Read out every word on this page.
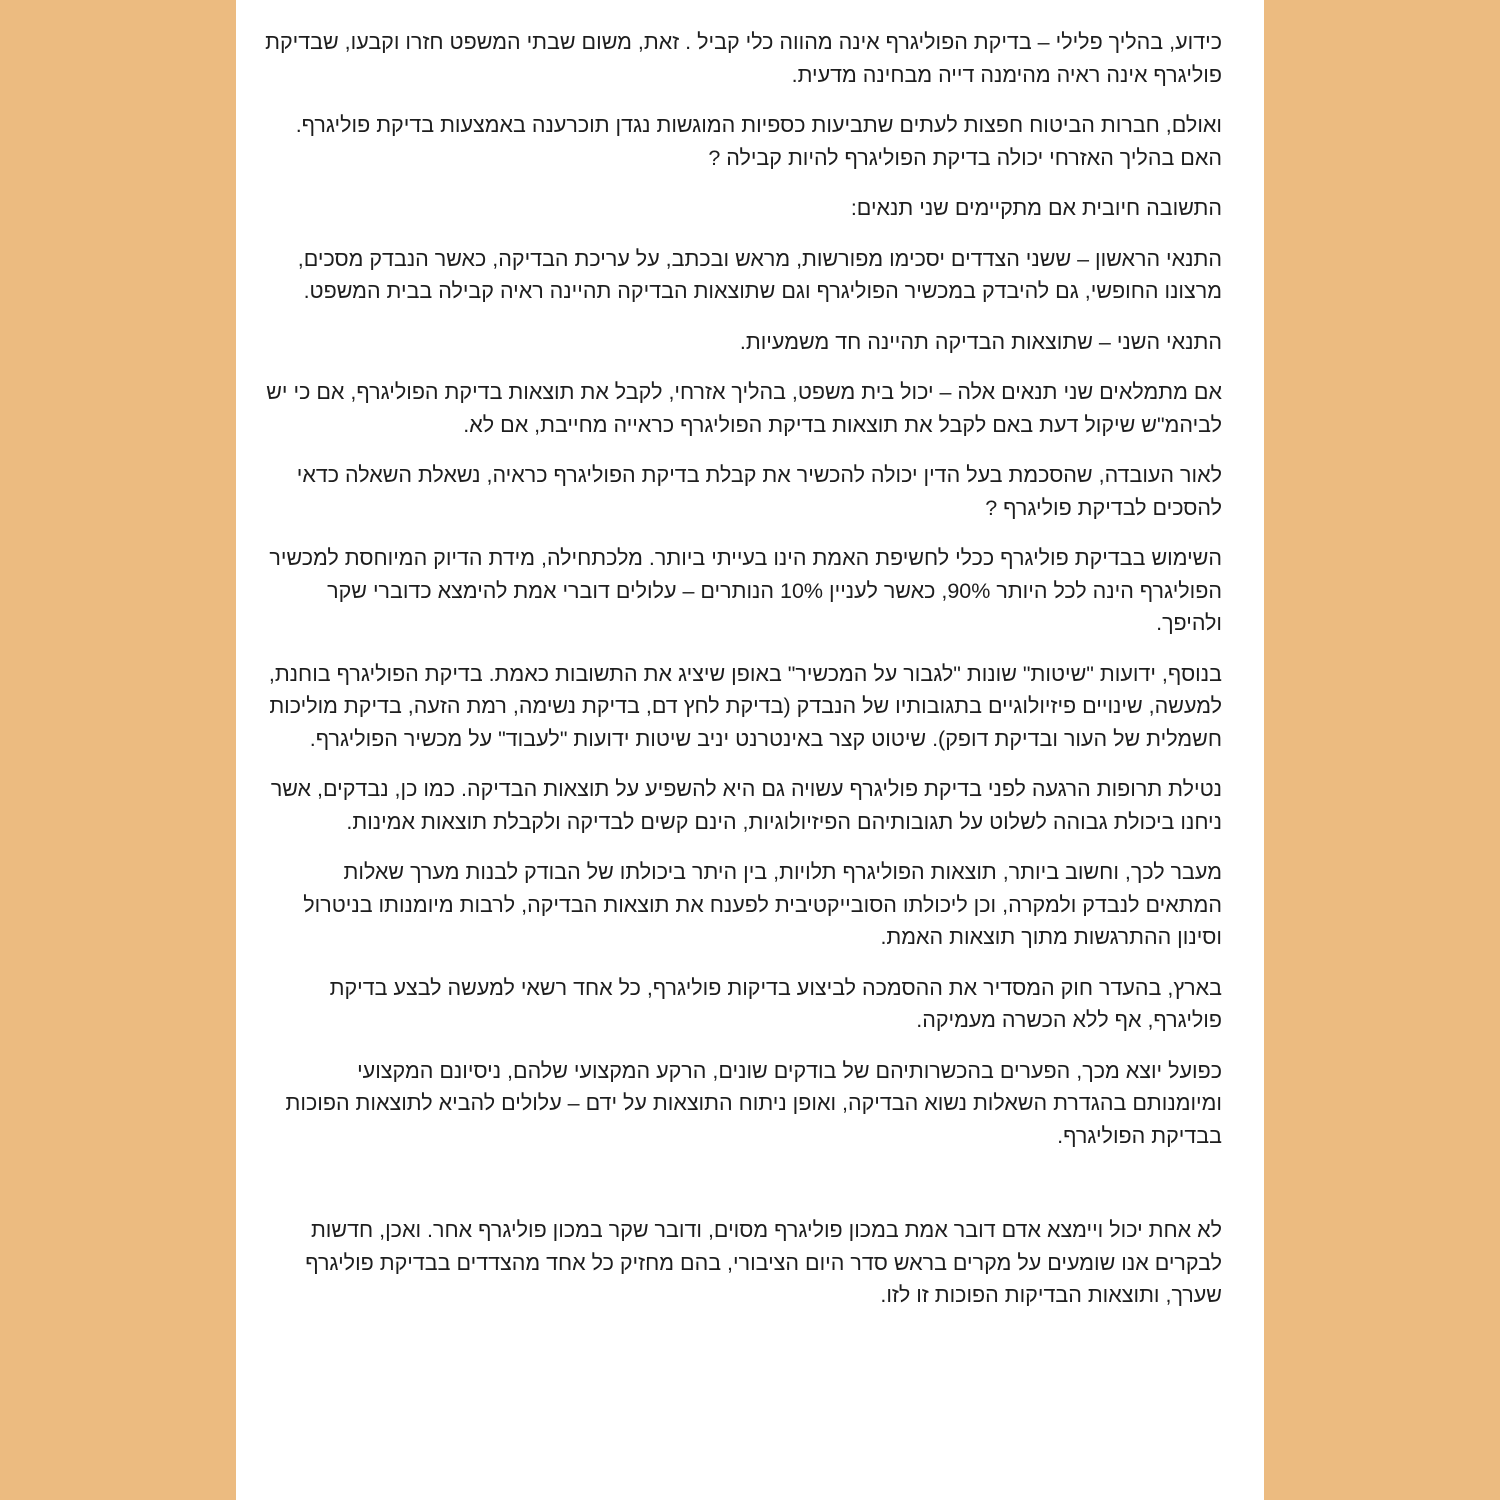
כידוע, בהליך פלילי – בדיקת הפוליגרף אינה מהווה כלי קביל . זאת, משום שבתי המשפט חזרו וקבעו, שבדיקת פוליגרף אינה ראיה מהימנה דייה מבחינה מדעית.

ואולם, חברות הביטוח חפצות לעתים שתביעות כספיות המוגשות נגדן תוכרענה באמצעות בדיקת פוליגרף. האם בהליך האזרחי יכולה בדיקת הפוליגרף להיות קבילה ?

התשובה חיובית אם מתקיימים שני תנאים:

התנאי הראשון – ששני הצדדים יסכימו מפורשות, מראש ובכתב, על עריכת הבדיקה, כאשר הנבדק מסכים, מרצונו החופשי, גם להיבדק במכשיר הפוליגרף וגם שתוצאות הבדיקה תהיינה ראיה קבילה בבית המשפט.

התנאי השני – שתוצאות הבדיקה תהיינה חד משמעיות.

אם מתמלאים שני תנאים אלה – יכול בית משפט, בהליך אזרחי, לקבל את תוצאות בדיקת הפוליגרף, אם כי יש לביהמ"ש שיקול דעת באם לקבל את תוצאות בדיקת הפוליגרף כראייה מחייבת, אם לא.

לאור העובדה, שהסכמת בעל הדין יכולה להכשיר את קבלת בדיקת הפוליגרף כראיה, נשאלת השאלה כדאי להסכים לבדיקת פוליגרף ?

השימוש בבדיקת פוליגרף ככלי לחשיפת האמת הינו בעייתי ביותר. מלכתחילה, מידת הדיוק המיוחסת למכשיר הפוליגרף הינה לכל היותר 90%, כאשר לעניין 10% הנותרים – עלולים דוברי אמת להימצא כדוברי שקר ולהיפך.

בנוסף, ידועות "שיטות" שונות "לגבור על המכשיר" באופן שיציג את התשובות כאמת. בדיקת הפוליגרף בוחנת, למעשה, שינויים פיזיולוגיים בתגובותיו של הנבדק (בדיקת לחץ דם, בדיקת נשימה, רמת הזעה, בדיקת מוליכות חשמלית של העור ובדיקת דופק). שיטוט קצר באינטרנט יניב שיטות ידועות "לעבוד" על מכשיר הפוליגרף.

נטילת תרופות הרגעה לפני בדיקת פוליגרף עשויה גם היא להשפיע על תוצאות הבדיקה. כמו כן, נבדקים, אשר ניחנו ביכולת גבוהה לשלוט על תגובותיהם הפיזיולוגיות, הינם קשים לבדיקה ולקבלת תוצאות אמינות.

מעבר לכך, וחשוב ביותר, תוצאות הפוליגרף תלויות, בין היתר ביכולתו של הבודק לבנות מערך שאלות המתאים לנבדק ולמקרה, וכן ליכולתו הסובייקטיבית לפענח את תוצאות הבדיקה, לרבות מיומנותו בניטרול וסינון ההתרגשות מתוך תוצאות האמת.

בארץ, בהעדר חוק המסדיר את ההסמכה לביצוע בדיקות פוליגרף, כל אחד רשאי למעשה לבצע בדיקת פוליגרף, אף ללא הכשרה מעמיקה.

כפועל יוצא מכך, הפערים בהכשרותיהם של בודקים שונים, הרקע המקצועי שלהם, ניסיונם המקצועי ומיומנותם בהגדרת השאלות נשוא הבדיקה, ואופן ניתוח התוצאות על ידם – עלולים להביא לתוצאות הפוכות בבדיקת הפוליגרף.

לא אחת יכול ויימצא אדם דובר אמת במכון פוליגרף מסוים, ודובר שקר במכון פוליגרף אחר. ואכן, חדשות לבקרים אנו שומעים על מקרים בראש סדר היום הציבורי, בהם מחזיק כל אחד מהצדדים בבדיקת פוליגרף שערך, ותוצאות הבדיקות הפוכות זו לזו.
